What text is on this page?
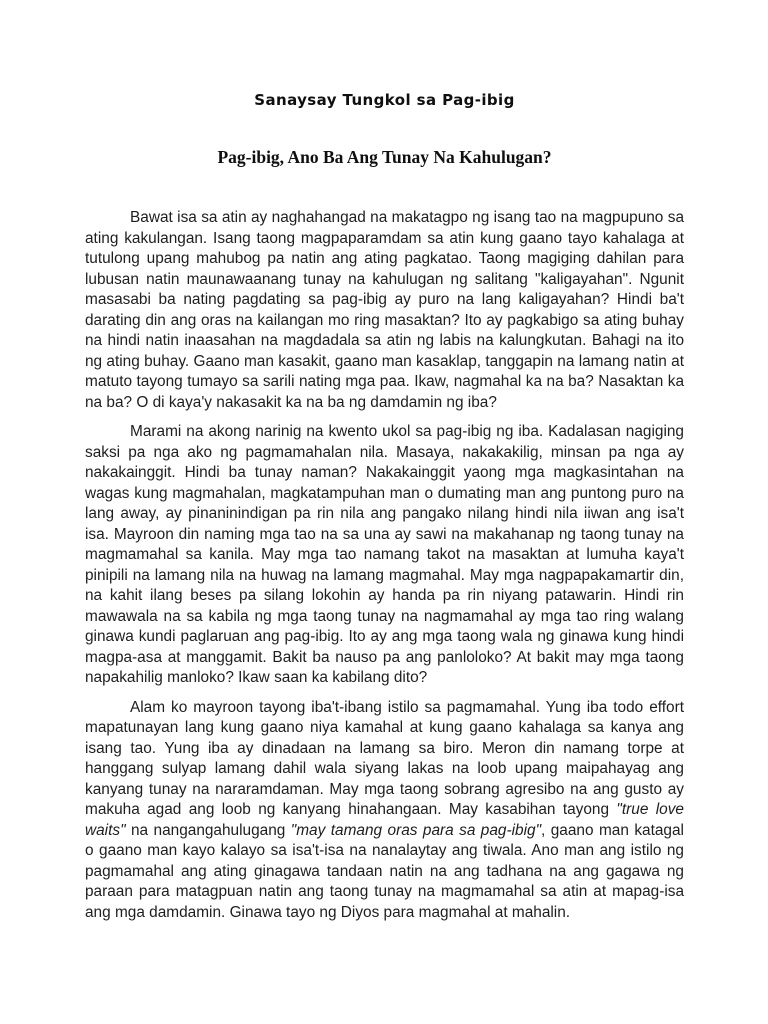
Sanaysay Tungkol sa Pag-ibig
Pag-ibig, Ano Ba Ang Tunay Na Kahulugan?

Bawat isa sa atin ay naghahangad na makatagpo ng isang tao na magpupuno sa ating kakulangan. Isang taong magpaparamdam sa atin kung gaano tayo kahalaga at tutulong upang mahubog pa natin ang ating pagkatao. Taong magiging dahilan para lubusan natin maunawaanang tunay na kahulugan ng salitang "kaligayahan". Ngunit masasabi ba nating pagdating sa pag-ibig ay puro na lang kaligayahan? Hindi ba't darating din ang oras na kailangan mo ring masaktan? Ito ay pagkabigo sa ating buhay na hindi natin inaasahan na magdadala sa atin ng labis na kalungkutan. Bahagi na ito ng ating buhay. Gaano man kasakit, gaano man kasaklap, tanggapin na lamang natin at matuto tayong tumayo sa sarili nating mga paa. Ikaw, nagmahal ka na ba? Nasaktan ka na ba? O di kaya'y nakasakit ka na ba ng damdamin ng iba?

Marami na akong narinig na kwento ukol sa pag-ibig ng iba. Kadalasan nagiging saksi pa nga ako ng pagmamahalan nila. Masaya, nakakakilig, minsan pa nga ay nakakainggit. Hindi ba tunay naman? Nakakainggit yaong mga magkasintahan na wagas kung magmahalan, magkatampuhan man o dumating man ang puntong puro na lang away, ay pinaninindigan pa rin nila ang pangako nilang hindi nila iiwan ang isa't isa. Mayroon din naming mga tao na sa una ay sawi na makahanap ng taong tunay na magmamahal sa kanila. May mga tao namang takot na masaktan at lumuha kaya't pinipili na lamang nila na huwag na lamang magmahal. May mga nagpapakamartir din, na kahit ilang beses pa silang lokohin ay handa pa rin niyang patawarin. Hindi rin mawawala na sa kabila ng mga taong tunay na nagmamahal ay mga tao ring walang ginawa kundi paglaruan ang pag-ibig. Ito ay ang mga taong wala ng ginawa kung hindi magpa-asa at manggamit. Bakit ba nauso pa ang panloloko? At bakit may mga taong napakahilig manloko? Ikaw saan ka kabilang dito?

Alam ko mayroon tayong iba't-ibang istilo sa pagmamahal. Yung iba todo effort mapatunayan lang kung gaano niya kamahal at kung gaano kahalaga sa kanya ang isang tao. Yung iba ay dinadaan na lamang sa biro. Meron din namang torpe at hanggang sulyap lamang dahil wala siyang lakas na loob upang maipahayag ang kanyang tunay na nararamdaman. May mga taong sobrang agresibo na ang gusto ay makuha agad ang loob ng kanyang hinahangaan. May kasabihan tayong "true love waits" na nangangahulugang "may tamang oras para sa pag-ibig", gaano man katagal o gaano man kayo kalayo sa isa't-isa na nanalaytay ang tiwala. Ano man ang istilo ng pagmamahal ang ating ginagawa tandaan natin na ang tadhana na ang gagawa ng paraan para matagpuan natin ang taong tunay na magmamahal sa atin at mapag-isa ang mga damdamin. Ginawa tayo ng Diyos para magmahal at mahalin.
